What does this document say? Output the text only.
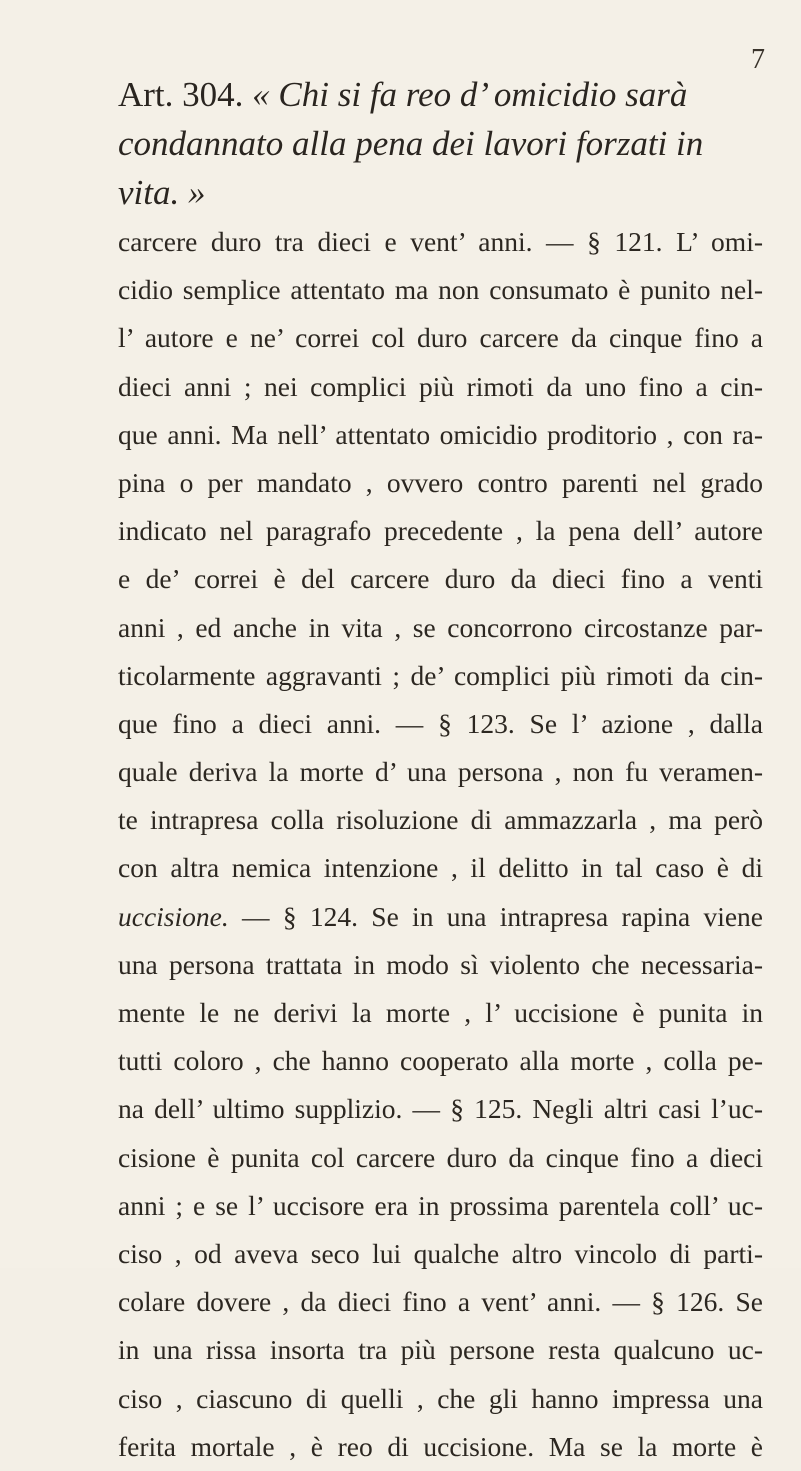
7
Art. 304. « Chi si fa reo d’ omicidio sarà
condannato alla pena dei lavori forzati in
vita. »
carcere duro tra dieci e vent’ anni. — § 121. L’ omi-
cidio semplice attentato ma non consumato è punito nel-
l’ autore e ne’ correi col duro carcere da cinque fino a
dieci anni ; nei complici più rimoti da uno fino a cin-
que anni. Ma nell’ attentato omicidio proditorio , con ra-
pina o per mandato , ovvero contro parenti nel grado
indicato nel paragrafo precedente , la pena dell’ autore
e de’ correi è del carcere duro da dieci fino a venti
anni , ed anche in vita , se concorrono circostanze par-
ticolarmente aggravanti ; de’ complici più rimoti da cin-
que fino a dieci anni. — § 123. Se l’ azione , dalla
quale deriva la morte d’ una persona , non fu veramen-
te intrapresa colla risoluzione di ammazzarla , ma però
con altra nemica intenzione , il delitto in tal caso è di
uccisione. — § 124. Se in una intrapresa rapina viene
una persona trattata in modo sì violento che necessaria-
mente le ne derivi la morte , l’ uccisione è punita in
tutti coloro , che hanno cooperato alla morte , colla pe-
na dell’ ultimo supplizio. — § 125. Negli altri casi l’uc-
cisione è punita col carcere duro da cinque fino a dieci
anni ; e se l’ uccisore era in prossima parentela coll’ uc-
ciso , od aveva seco lui qualche altro vincolo di parti-
colare dovere , da dieci fino a vent’ anni. — § 126. Se
in una rissa insorta tra più persone resta qualcuno uc-
ciso , ciascuno di quelli , che gli hanno impressa una
ferita mortale , è reo di uccisione. Ma se la morte è
